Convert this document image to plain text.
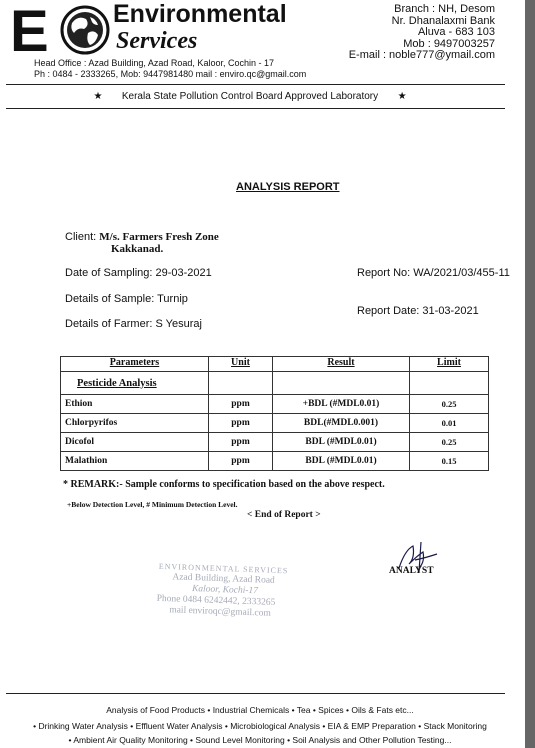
E	Environmental
Services
Branch : NH, Desom
Nr. Dhanalaxmi Bank
Aluva - 683 103
Mob : 9497003257
E-mail : noble777@ymail.com
Head Office : Azad Building, Azad Road, Kaloor, Cochin - 17
Ph : 0484 - 2333265, Mob: 9447981480 mail : enviro.qc@gmail.com
★ Kerala State Pollution Control Board Approved Laboratory ★
ANALYSIS REPORT
Client: M/s. Farmers Fresh Zone
Kakkanad.
Date of Sampling: 29-03-2021	Report No: WA/2021/03/455-11
Details of Sample: Turnip
Report Date: 31-03-2021
Details of Farmer: S Yesuraj
Parameters	Unit	Result	Limit
Pesticide Analysis			
Ethion	ppm	+BDL (#MDL0.01)	0.25
Chlorpyrifos	ppm	BDL(#MDL0.001)	0.01
Dicofol	ppm	BDL (#MDL0.01)	0.25
Malathion	ppm	BDL (#MDL0.01)	0.15
* REMARK:- Sample conforms to specification based on the above respect.
+Below Detection Level, # Minimum Detection Level.
< End of Report >
ENVIRONMENTAL SERVICES
Azad Building, Azad Road
Kaloor, Kochi-17
Phone 0484 6242442, 2333265
mail enviroqc@gmail.com
ANALYST
Analysis of Food Products • Industrial Chemicals • Tea • Spices • Oils & Fats etc...
• Drinking Water Analysis • Effluent Water Analysis • Microbiological Analysis • EIA & EMP Preparation • Stack Monitoring
• Ambient Air Quality Monitoring • Sound Level Monitoring • Soil Analysis and Other Pollution Testing...
